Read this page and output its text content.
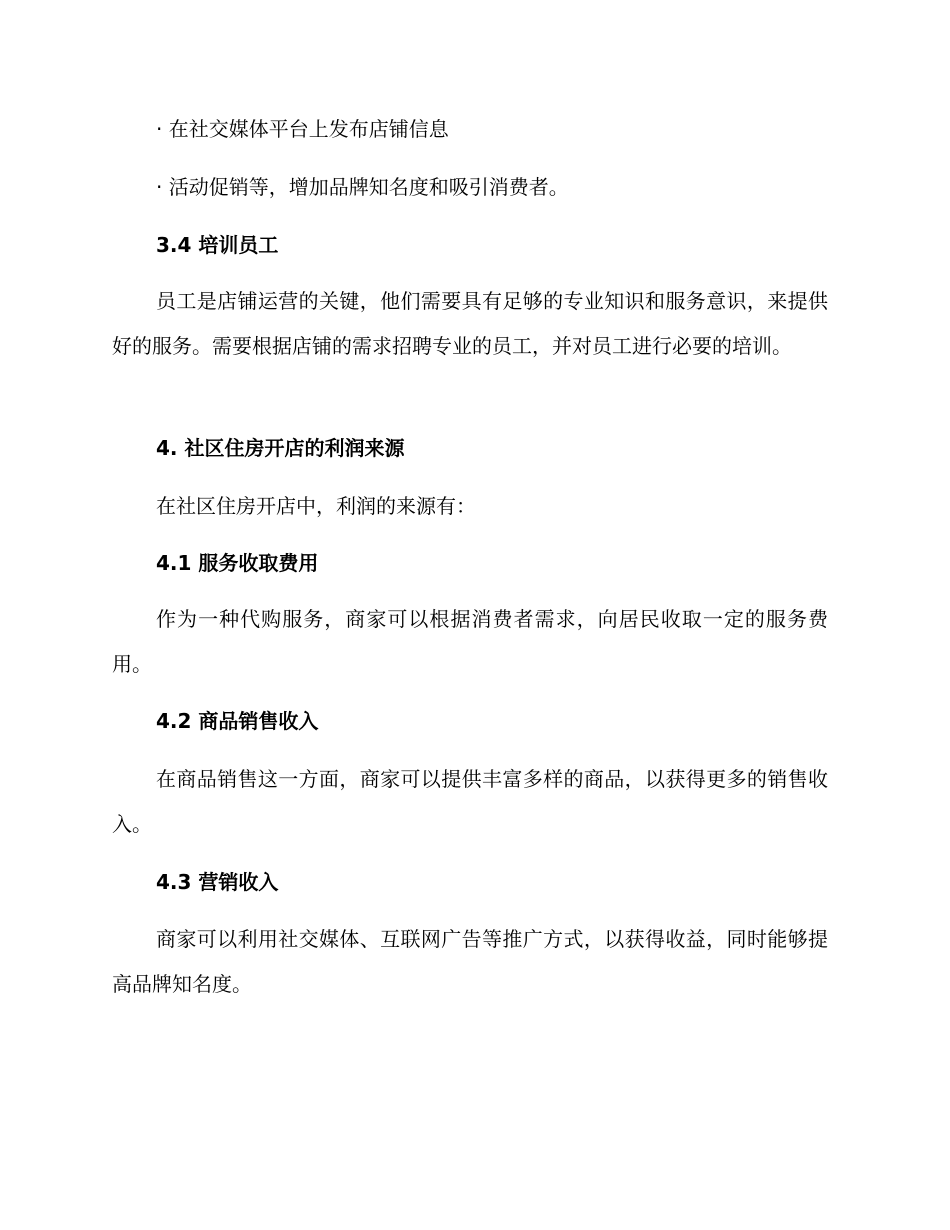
· 在社交媒体平台上发布店铺信息
· 活动促销等，增加品牌知名度和吸引消费者。
3.4 培训员工
员工是店铺运营的关键，他们需要具有足够的专业知识和服务意识，来提供好的服务。需要根据店铺的需求招聘专业的员工，并对员工进行必要的培训。
4. 社区住房开店的利润来源
在社区住房开店中，利润的来源有：
4.1 服务收取费用
作为一种代购服务，商家可以根据消费者需求，向居民收取一定的服务费用。
4.2 商品销售收入
在商品销售这一方面，商家可以提供丰富多样的商品，以获得更多的销售收入。
4.3 营销收入
商家可以利用社交媒体、互联网广告等推广方式，以获得收益，同时能够提高品牌知名度。
